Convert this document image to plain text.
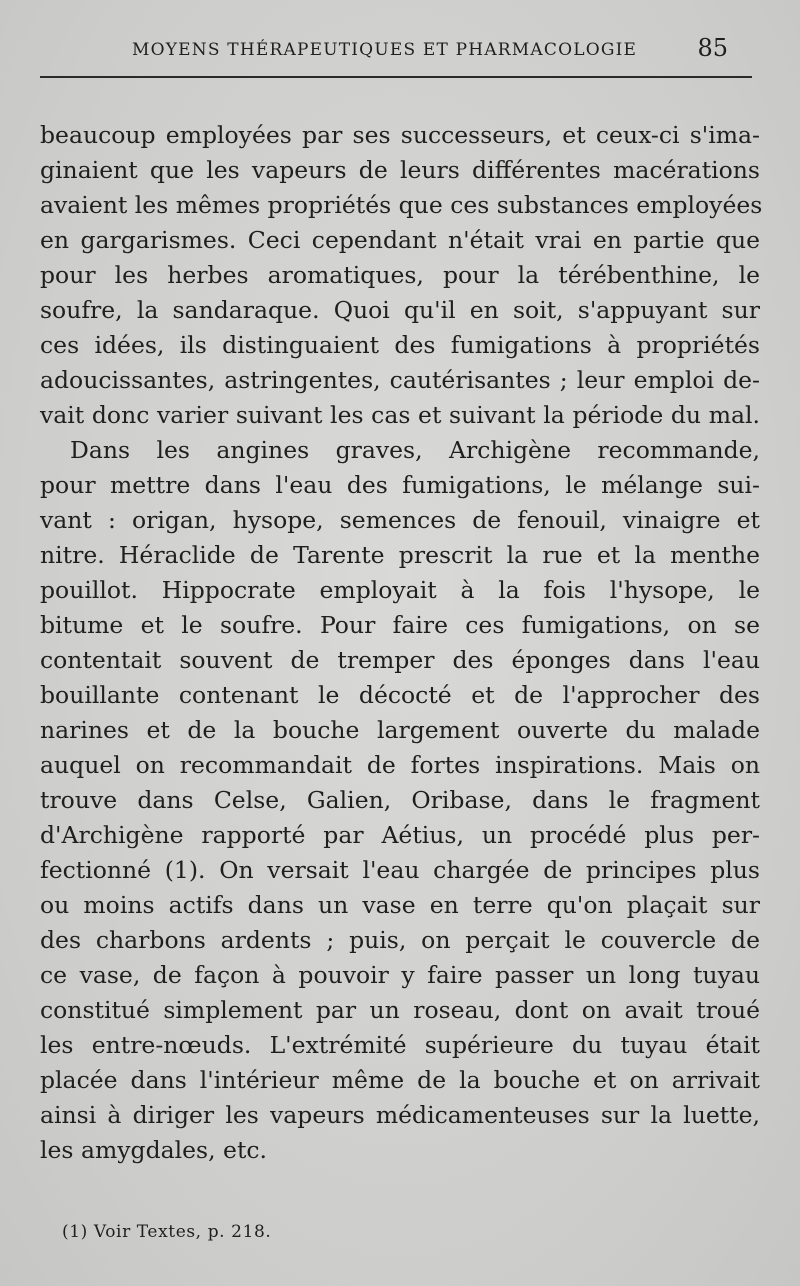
MOYENS THÉRAPEUTIQUES ET PHARMACOLOGIE	85
beaucoup employées par ses successeurs, et ceux-ci s'ima-
ginaient que les vapeurs de leurs différentes macérations
avaient les mêmes propriétés que ces substances employées
en gargarismes. Ceci cependant n'était vrai en partie que
pour les herbes aromatiques, pour la térébenthine, le
soufre, la sandaraque. Quoi qu'il en soit, s'appuyant sur
ces idées, ils distinguaient des fumigations à propriétés
adoucissantes, astringentes, cautérisantes ; leur emploi de-
vait donc varier suivant les cas et suivant la période du mal.
Dans les angines graves, Archigène recommande,
pour mettre dans l'eau des fumigations, le mélange sui-
vant : origan, hysope, semences de fenouil, vinaigre et
nitre. Héraclide de Tarente prescrit la rue et la menthe
pouillot. Hippocrate employait à la fois l'hysope, le
bitume et le soufre. Pour faire ces fumigations, on se
contentait souvent de tremper des éponges dans l'eau
bouillante contenant le décocté et de l'approcher des
narines et de la bouche largement ouverte du malade
auquel on recommandait de fortes inspirations. Mais on
trouve dans Celse, Galien, Oribase, dans le fragment
d'Archigène rapporté par Aétius, un procédé plus per-
fectionné (1). On versait l'eau chargée de principes plus
ou moins actifs dans un vase en terre qu'on plaçait sur
des charbons ardents ; puis, on perçait le couvercle de
ce vase, de façon à pouvoir y faire passer un long tuyau
constitué simplement par un roseau, dont on avait troué
les entre-nœuds. L'extrémité supérieure du tuyau était
placée dans l'intérieur même de la bouche et on arrivait
ainsi à diriger les vapeurs médicamenteuses sur la luette,
les amygdales, etc.
(1) Voir Textes, p. 218.
